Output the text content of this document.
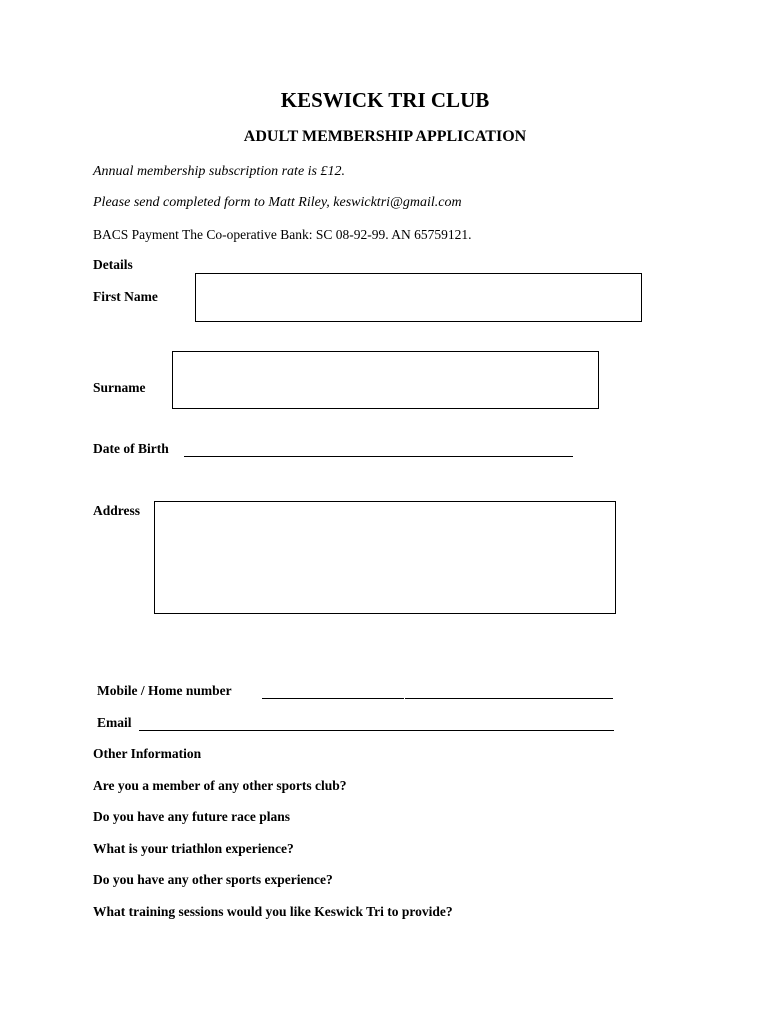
KESWICK TRI CLUB
ADULT MEMBERSHIP APPLICATION
Annual membership subscription rate is £12.
Please send completed form to Matt Riley, keswicktri@gmail.com
BACS Payment The Co-operative Bank: SC 08-92-99. AN 65759121.
Details
First Name
Surname
Date of Birth
Address
Mobile / Home number
Email
Other Information
Are you a member of any other sports club?
Do you have any future race plans
What is your triathlon experience?
Do you have any other sports experience?
What training sessions would you like Keswick Tri to provide?
